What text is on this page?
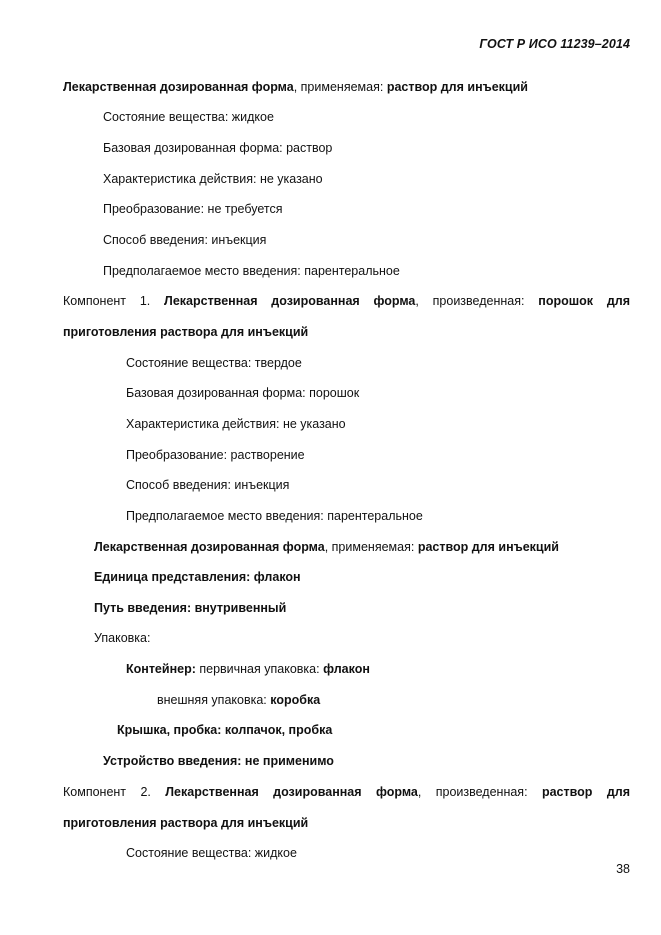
ГОСТ Р ИСО 11239–2014
Лекарственная дозированная форма, применяемая: раствор для инъекций
Состояние вещества: жидкое
Базовая дозированная форма: раствор
Характеристика действия: не указано
Преобразование: не требуется
Способ введения: инъекция
Предполагаемое место введения: парентеральное
Компонент 1. Лекарственная дозированная форма, произведенная: порошок для
приготовления раствора для инъекций
Состояние вещества: твердое
Базовая дозированная форма: порошок
Характеристика действия: не указано
Преобразование: растворение
Способ введения: инъекция
Предполагаемое место введения: парентеральное
Лекарственная дозированная форма, применяемая: раствор для инъекций
Единица представления: флакон
Путь введения: внутривенный
Упаковка:
Контейнер: первичная упаковка: флакон
внешняя упаковка: коробка
Крышка, пробка: колпачок, пробка
Устройство введения: не применимо
Компонент 2. Лекарственная дозированная форма, произведенная: раствор для
приготовления раствора для инъекций
Состояние вещества: жидкое
38
